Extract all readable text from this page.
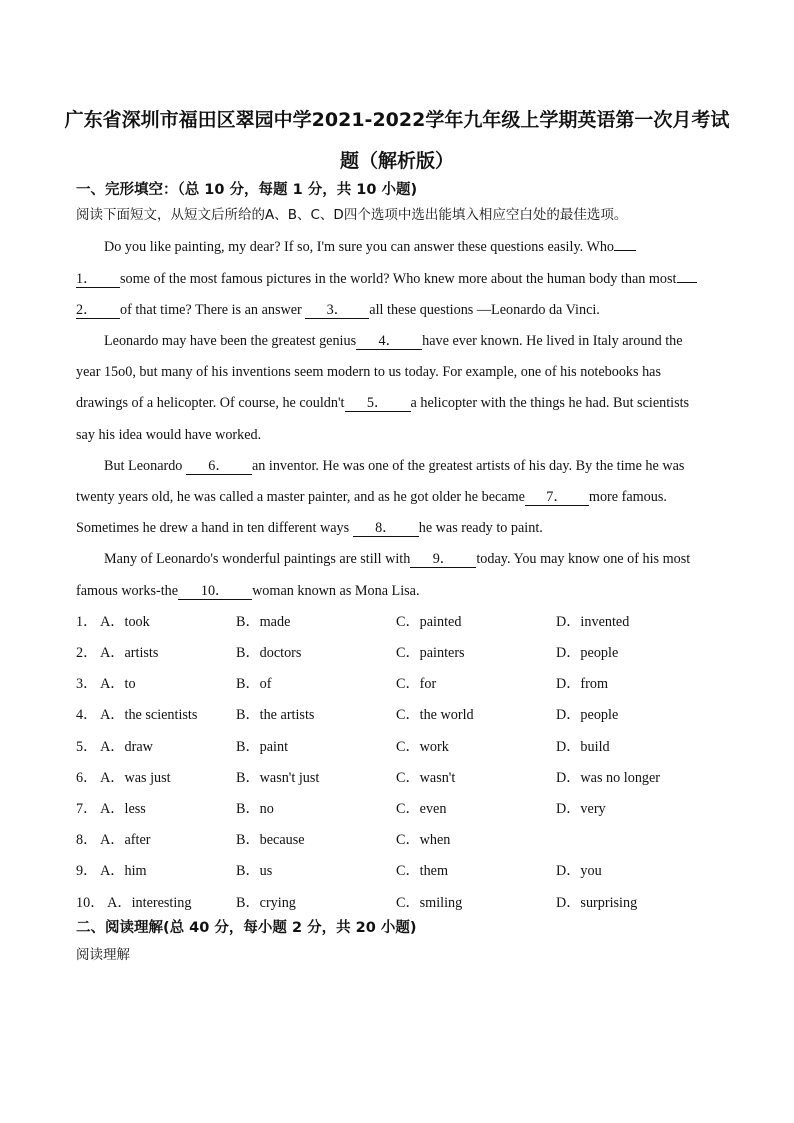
广东省深圳市福田区翠园中学2021-2022学年九年级上学期英语第一次月考试
题（解析版）
一、完形填空：（总 10 分，每题 1 分，共 10 小题)
阅读下面短文，从短文后所给的A、B、C、D四个选项中选出能填入相应空白处的最佳选项。
Do you like painting, my dear? If so, I'm sure you can answer these questions easily. Who
1． some of the most famous pictures in the world? Who knew more about the human body than most
2． of that time? There is an answer 3． all these questions —Leonardo da Vinci.
Leonardo may have been the greatest genius 4． have ever known. He lived in Italy around the
year 15o0, but many of his inventions seem modern to us today. For example, one of his notebooks has
drawings of a helicopter. Of course, he couldn't 5． a helicopter with the things he had. But scientists
say his idea would have worked.
But Leonardo 6． an inventor. He was one of the greatest artists of his day. By the time he was
twenty years old, he was called a master painter, and as he got older he became 7． more famous.
Sometimes he drew a hand in ten different ways 8． he was ready to paint.
Many of Leonardo's wonderful paintings are still with 9． today. You may know one of his most
famous works-the 10． woman known as Mona Lisa.
1． A．took	B．made	C．painted	D．invented
2． A．artists	B．doctors	C．painters	D．people
3． A．to	B．of	C．for	D．from
4． A．the scientists	B．the artists	C．the world	D．people
5． A．draw	B．paint	C．work	D．build
6． A．was just	B．wasn't just	C．wasn't	D．was no longer
7． A．less	B．no	C．even	D．very
8． A．after	B．because	C．when
9． A．him	B．us	C．them	D．you
10． A．interesting	B．crying	C．smiling	D．surprising
二、阅读理解(总 40 分，每小题 2 分，共 20 小题)
阅读理解
